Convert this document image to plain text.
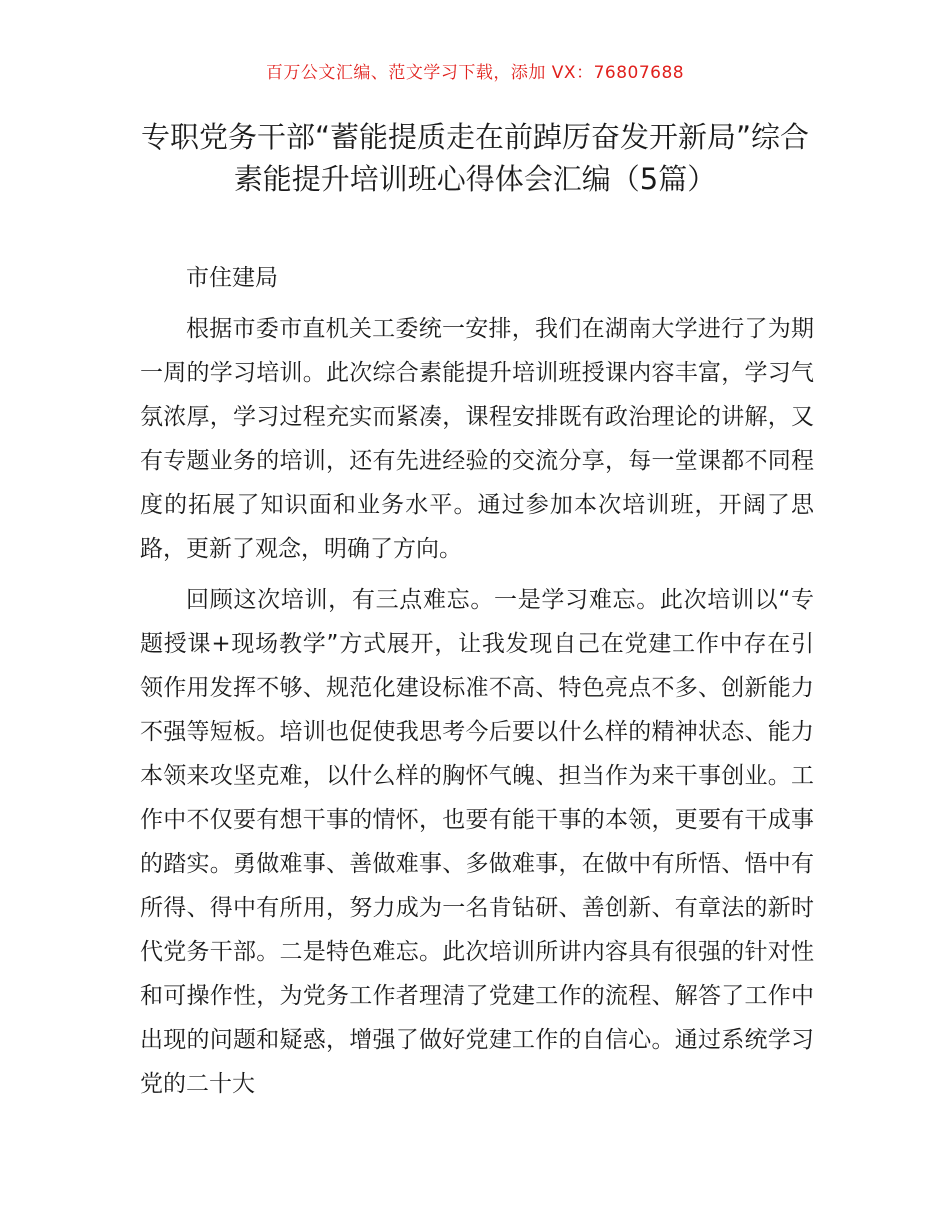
百万公文汇编、范文学习下载，添加 VX：76807688
专职党务干部“蓄能提质走在前踔厉奋发开新局”综合素能提升培训班心得体会汇编（5篇）

市住建局

根据市委市直机关工委统一安排，我们在湖南大学进行了为期一周的学习培训。此次综合素能提升培训班授课内容丰富，学习气氛浓厚，学习过程充实而紧凑，课程安排既有政治理论的讲解，又有专题业务的培训，还有先进经验的交流分享，每一堂课都不同程度的拓展了知识面和业务水平。通过参加本次培训班，开阔了思路，更新了观念，明确了方向。

回顾这次培训，有三点难忘。一是学习难忘。此次培训以“专题授课+现场教学”方式展开，让我发现自己在党建工作中存在引领作用发挥不够、规范化建设标准不高、特色亮点不多、创新能力不强等短板。培训也促使我思考今后要以什么样的精神状态、能力本领来攻坚克难，以什么样的胸怀气魄、担当作为来干事创业。工作中不仅要有想干事的情怀，也要有能干事的本领，更要有干成事的踏实。勇做难事、善做难事、多做难事，在做中有所悟、悟中有所得、得中有所用，努力成为一名肯钻研、善创新、有章法的新时代党务干部。二是特色难忘。此次培训所讲内容具有很强的针对性和可操作性，为党务工作者理清了党建工作的流程、解答了工作中出现的问题和疑惑，增强了做好党建工作的自信心。通过系统学习党的二十大
